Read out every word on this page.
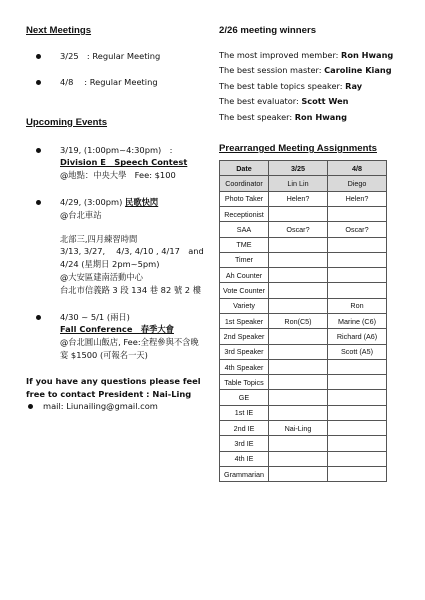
Next Meetings
3/25　: Regular Meeting
4/8 　: Regular Meeting
Upcoming Events
3/19, (1:00pm~4:30pm)　:
Division E　Speech Contest
@地點：中央大學　Fee: $100
4/29, (3:00pm) 民歌快閃
@台北車站
北部三,四月練習時間
3/13, 3/27,　 4/3, 4/10 , 4/17　and
4/24 (星期日 2pm~5pm)
@大安區建南活動中心
台北市信義路 3 段 134 巷 82 號 2 樓
4/30 ~ 5/1 (兩日)
Fall Conference　春季大會
@台北圓山飯店, Fee:全程參與不含晚
宴 $1500 (可報名一天)
If you have any questions please feel
free to contact President : Nai-Ling
mail: Liunailing@gmail.com
2/26 meeting winners
The most improved member: Ron Hwang
The best session master: Caroline Kiang
The best table topics speaker: Ray
The best evaluator: Scott Wen
The best speaker: Ron Hwang
Prearranged Meeting Assignments
Date	3/25	4/8
Coordinator	Lin Lin	Diego
Photo Taker	Helen?	Helen?
Receptionist		
SAA	Oscar?	Oscar?
TME		
Timer		
Ah Counter		
Vote Counter		
Variety		Ron
1st Speaker	Ron(C5)	Marine (C6)
2nd Speaker		Richard (A6)
3rd Speaker		Scott (A5)
4th Speaker		
Table Topics		
GE		
1st IE		
2nd IE	Nai-Ling	
3rd IE		
4th IE		
Grammarian		
